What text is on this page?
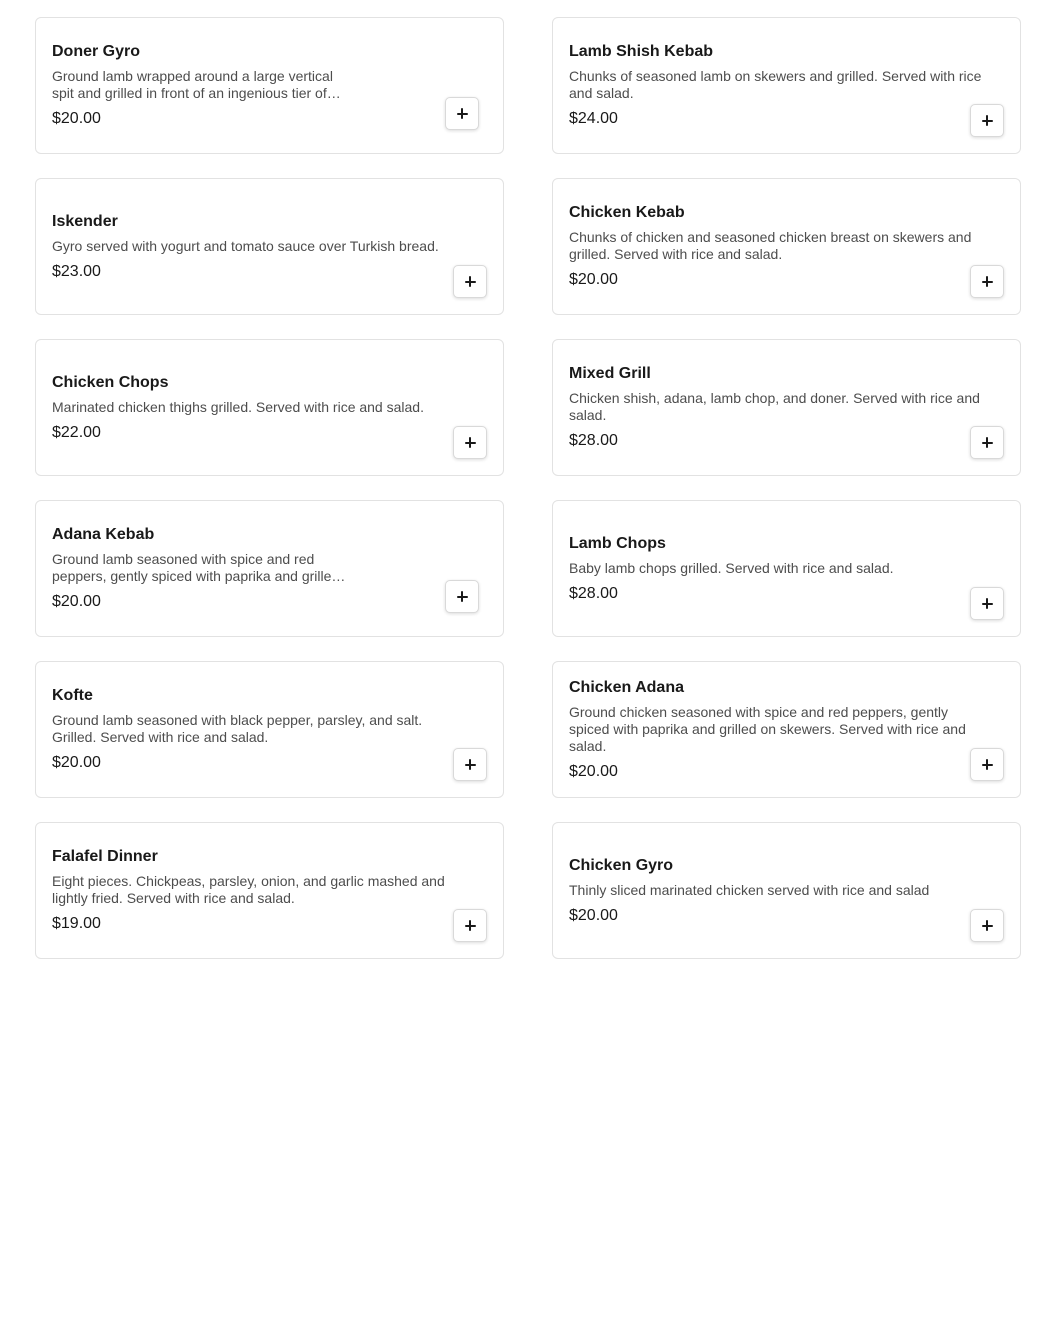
Doner Gyro
Ground lamb wrapped around a large vertical spit and grilled in front of an ingenious tier of
$20.00
Lamb Shish Kebab
Chunks of seasoned lamb on skewers and grilled. Served with rice and salad.
$24.00
Iskender
Gyro served with yogurt and tomato sauce over Turkish bread.
$23.00
Chicken Kebab
Chunks of chicken and seasoned chicken breast on skewers and grilled. Served with rice and salad.
$20.00
Chicken Chops
Marinated chicken thighs grilled. Served with rice and salad.
$22.00
Mixed Grill
Chicken shish, adana, lamb chop, and doner. Served with rice and salad.
$28.00
Adana Kebab
Ground lamb seasoned with spice and red peppers, gently spiced with paprika and grilled
$20.00
Lamb Chops
Baby lamb chops grilled. Served with rice and salad.
$28.00
Kofte
Ground lamb seasoned with black pepper, parsley, and salt. Grilled. Served with rice and salad.
$20.00
Chicken Adana
Ground chicken seasoned with spice and red peppers, gently spiced with paprika and grilled on skewers. Served with rice and salad.
$20.00
Falafel Dinner
Eight pieces. Chickpeas, parsley, onion, and garlic mashed and lightly fried. Served with rice and salad.
$19.00
Chicken Gyro
Thinly sliced marinated chicken served with rice and salad
$20.00
